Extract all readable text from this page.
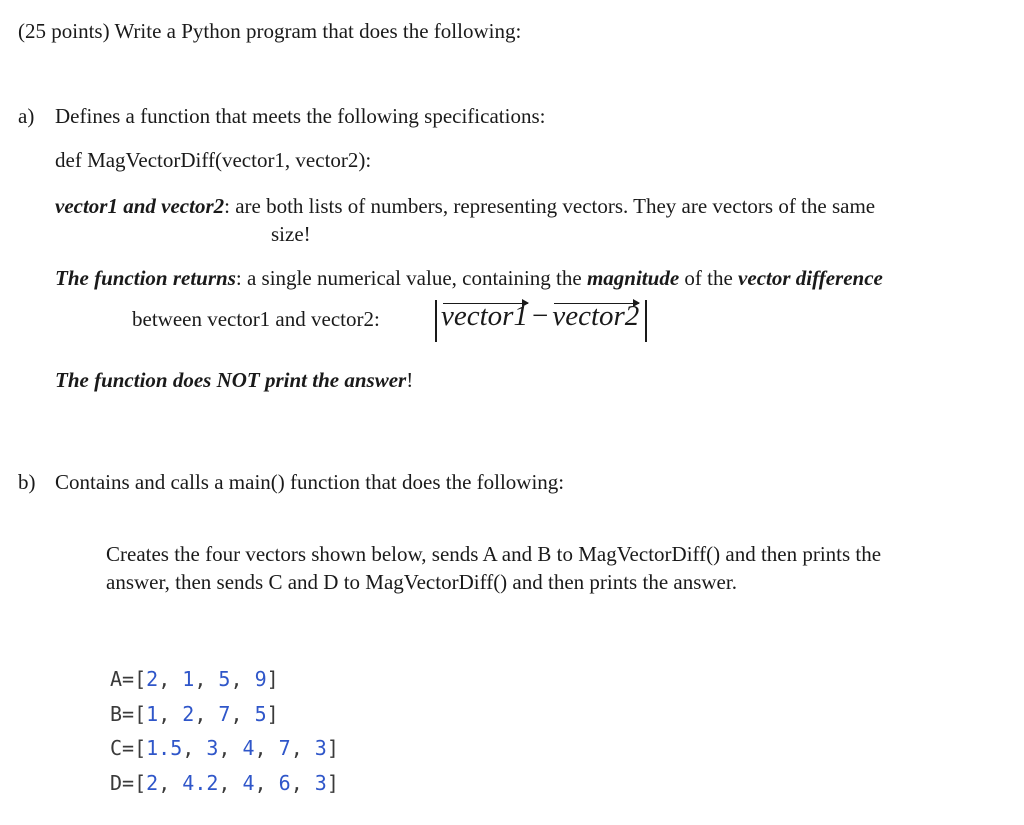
(25 points) Write a Python program that does the following:
a) Defines a function that meets the following specifications:
def MagVectorDiff(vector1, vector2):
vector1 and vector2: are both lists of numbers, representing vectors. They are vectors of the same
size!
The function returns: a single numerical value, containing the magnitude of the vector difference
between vector1 and vector2: vector1 − vector2
The function does NOT print the answer!
b) Contains and calls a main() function that does the following:
Creates the four vectors shown below, sends A and B to MagVectorDiff() and then prints the
answer, then sends C and D to MagVectorDiff() and then prints the answer.
A=[2, 1, 5, 9]
B=[1, 2, 7, 5]
C=[1.5, 3, 4, 7, 3]
D=[2, 4.2, 4, 6, 3]
